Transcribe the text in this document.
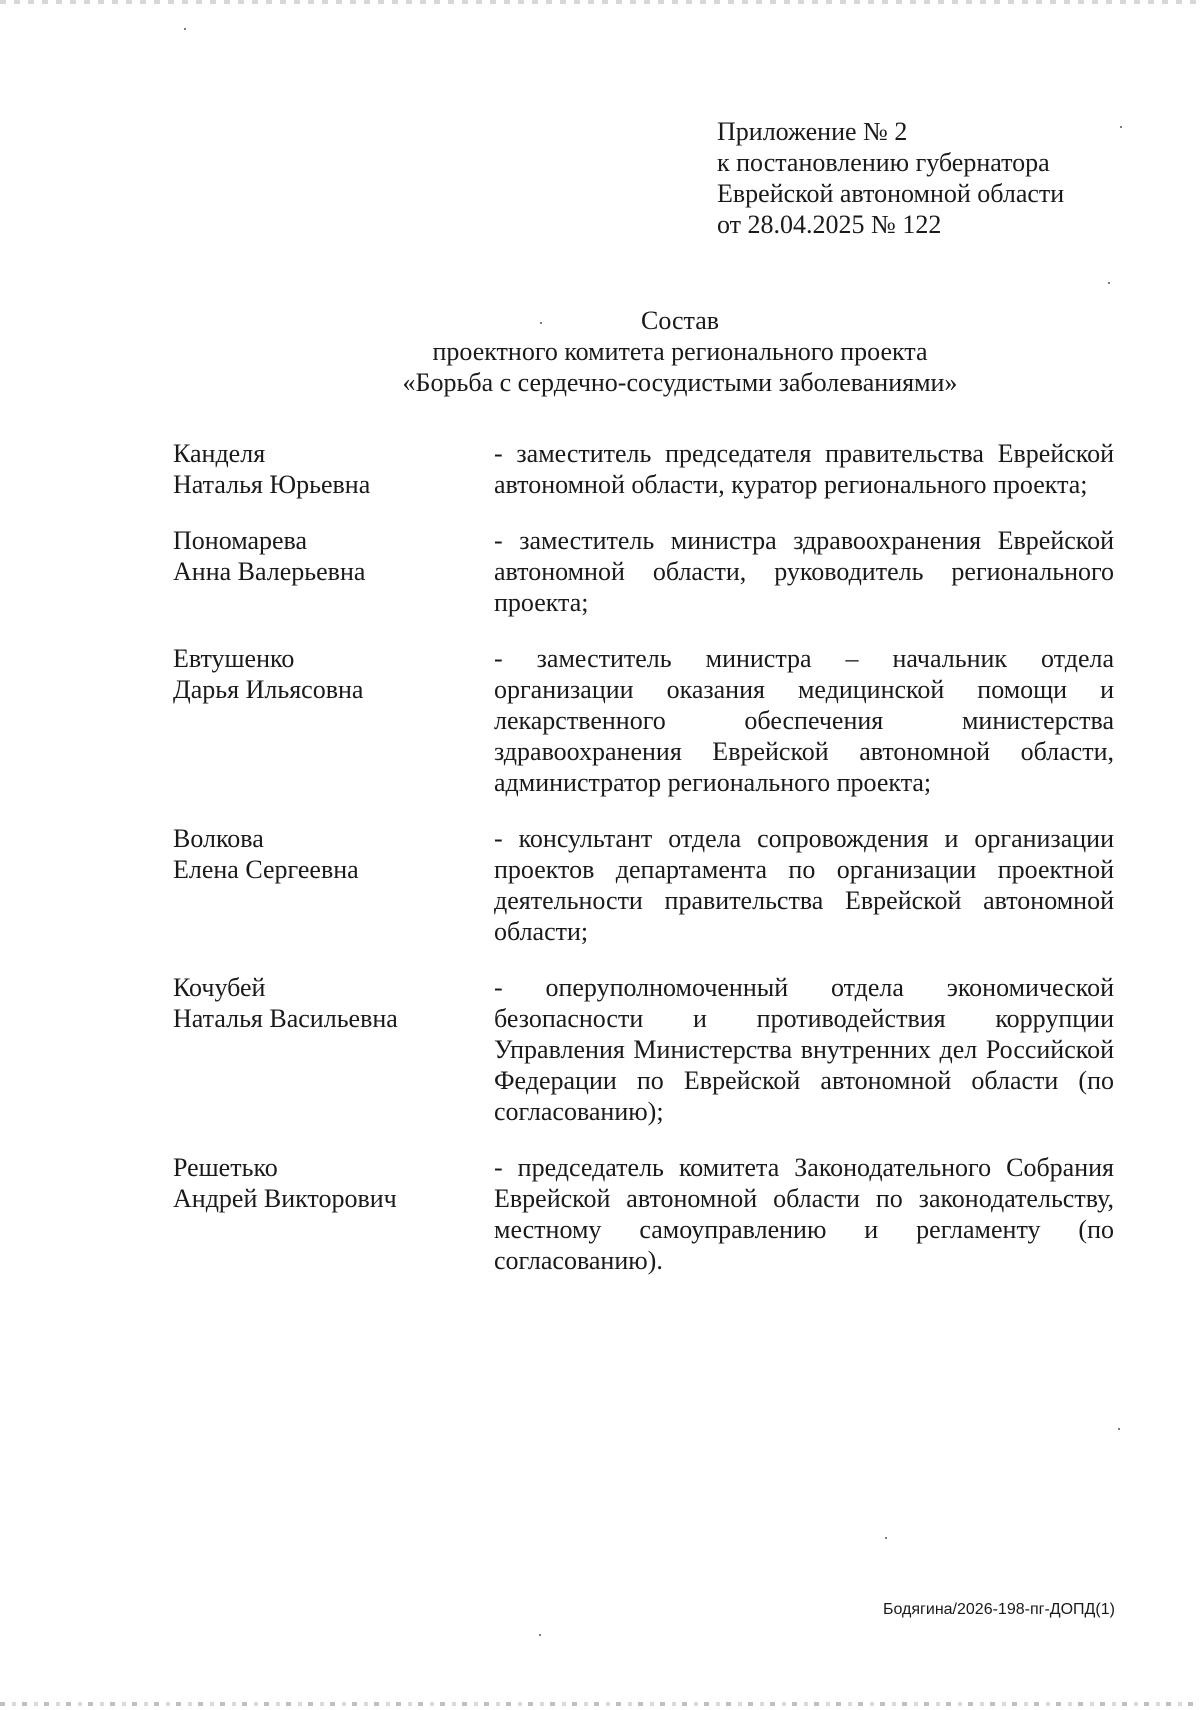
Приложение № 2
к постановлению губернатора
Еврейской автономной области
от 28.04.2025 № 122
Состав
проектного комитета регионального проекта
«Борьба с сердечно-сосудистыми заболеваниями»
Канделя
Наталья Юрьевна
- заместитель председателя правительства Еврейской автономной области, куратор регионального проекта;
Пономарева
Анна Валерьевна
- заместитель министра здравоохранения Еврейской автономной области, руководитель регионального проекта;
Евтушенко
Дарья Ильясовна
- заместитель министра – начальник отдела организации оказания медицинской помощи и лекарственного обеспечения министерства здравоохранения Еврейской автономной области, администратор регионального проекта;
Волкова
Елена Сергеевна
- консультант отдела сопровождения и организации проектов департамента по организации проектной деятельности правительства Еврейской автономной области;
Кочубей
Наталья Васильевна
- оперуполномоченный отдела экономической безопасности и противодействия коррупции Управления Министерства внутренних дел Российской Федерации по Еврейской автономной области (по согласованию);
Решетько
Андрей Викторович
- председатель комитета Законодательного Собрания Еврейской автономной области по законодательству, местному самоуправлению и регламенту (по согласованию).
Бодягина/2026-198-пг-ДОПД(1)
